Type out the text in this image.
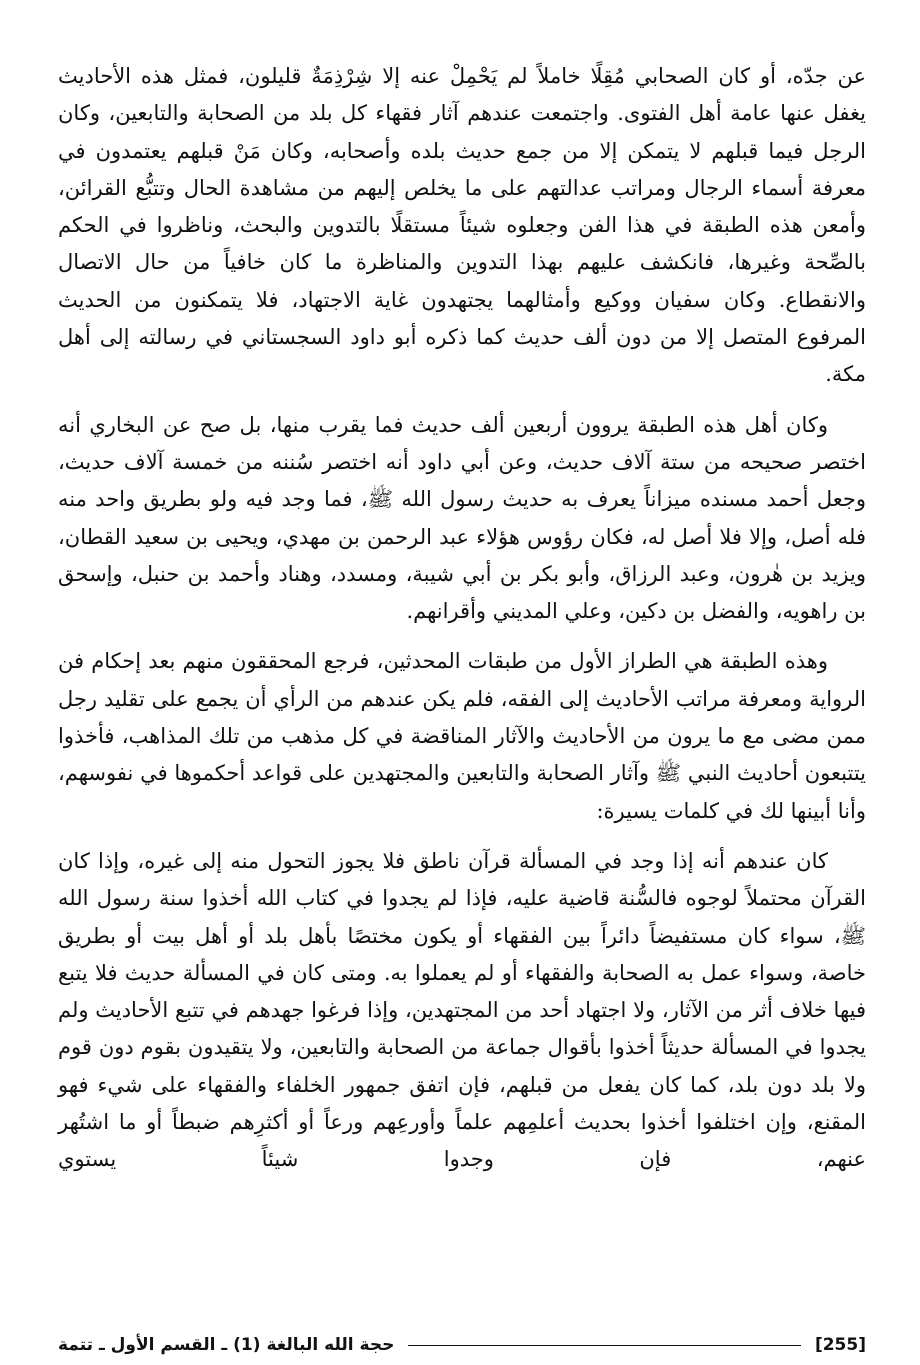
عن جدّه، أو كان الصحابي مُقِلًا خاملاً لم يَحْمِلْ عنه إلا شِرْذِمَةٌ قليلون، فمثل هذه الأحاديث يغفل عنها عامة أهل الفتوى. واجتمعت عندهم آثار فقهاء كل بلد من الصحابة والتابعين، وكان الرجل فيما قبلهم لا يتمكن إلا من جمع حديث بلده وأصحابه، وكان مَنْ قبلهم يعتمدون في معرفة أسماء الرجال ومراتب عدالتهم على ما يخلص إليهم من مشاهدة الحال وتتبُّع القرائن، وأمعن هذه الطبقة في هذا الفن وجعلوه شيئاً مستقلًا بالتدوين والبحث، وناظروا في الحكم بالصِّحة وغيرها، فانكشف عليهم بهذا التدوين والمناظرة ما كان خافياً من حال الاتصال والانقطاع. وكان سفيان ووكيع وأمثالهما يجتهدون غاية الاجتهاد، فلا يتمكنون من الحديث المرفوع المتصل إلا من دون ألف حديث كما ذكره أبو داود السجستاني في رسالته إلى أهل مكة.

وكان أهل هذه الطبقة يروون أربعين ألف حديث فما يقرب منها، بل صح عن البخاري أنه اختصر صحيحه من ستة آلاف حديث، وعن أبي داود أنه اختصر سُننه من خمسة آلاف حديث، وجعل أحمد مسنده ميزاناً يعرف به حديث رسول الله ﷺ، فما وجد فيه ولو بطريق واحد منه فله أصل، وإلا فلا أصل له، فكان رؤوس هؤلاء عبد الرحمن بن مهدي، ويحيى بن سعيد القطان، ويزيد بن هٰرون، وعبد الرزاق، وأبو بكر بن أبي شيبة، ومسدد، وهناد وأحمد بن حنبل، وإسحق بن راهويه، والفضل بن دكين، وعلي المديني وأقرانهم.

وهذه الطبقة هي الطراز الأول من طبقات المحدثين، فرجع المحققون منهم بعد إحكام فن الرواية ومعرفة مراتب الأحاديث إلى الفقه، فلم يكن عندهم من الرأي أن يجمع على تقليد رجل ممن مضى مع ما يرون من الأحاديث والآثار المناقضة في كل مذهب من تلك المذاهب، فأخذوا يتتبعون أحاديث النبي ﷺ وآثار الصحابة والتابعين والمجتهدين على قواعد أحكموها في نفوسهم، وأنا أبينها لك في كلمات يسيرة:

كان عندهم أنه إذا وجد في المسألة قرآن ناطق فلا يجوز التحول منه إلى غيره، وإذا كان القرآن محتملاً لوجوه فالسُّنة قاضية عليه، فإذا لم يجدوا في كتاب الله أخذوا سنة رسول الله ﷺ، سواء كان مستفيضاً دائراً بين الفقهاء أو يكون مختصًا بأهل بلد أو أهل بيت أو بطريق خاصة، وسواء عمل به الصحابة والفقهاء أو لم يعملوا به. ومتى كان في المسألة حديث فلا يتبع فيها خلاف أثر من الآثار، ولا اجتهاد أحد من المجتهدين، وإذا فرغوا جهدهم في تتبع الأحاديث ولم يجدوا في المسألة حديثاً أخذوا بأقوال جماعة من الصحابة والتابعين، ولا يتقيدون بقوم دون قوم ولا بلد دون بلد، كما كان يفعل من قبلهم، فإن اتفق جمهور الخلفاء والفقهاء على شيء فهو المقنع، وإن اختلفوا أخذوا بحديث أعلمِهم علماً وأورعِهم ورعاً أو أكثرِهم ضبطاً أو ما اشتُهر عنهم، فإن وجدوا شيئاً يستوي

[255]
حجة الله البالغة (1) ـ القسم الأول ـ تتمة
